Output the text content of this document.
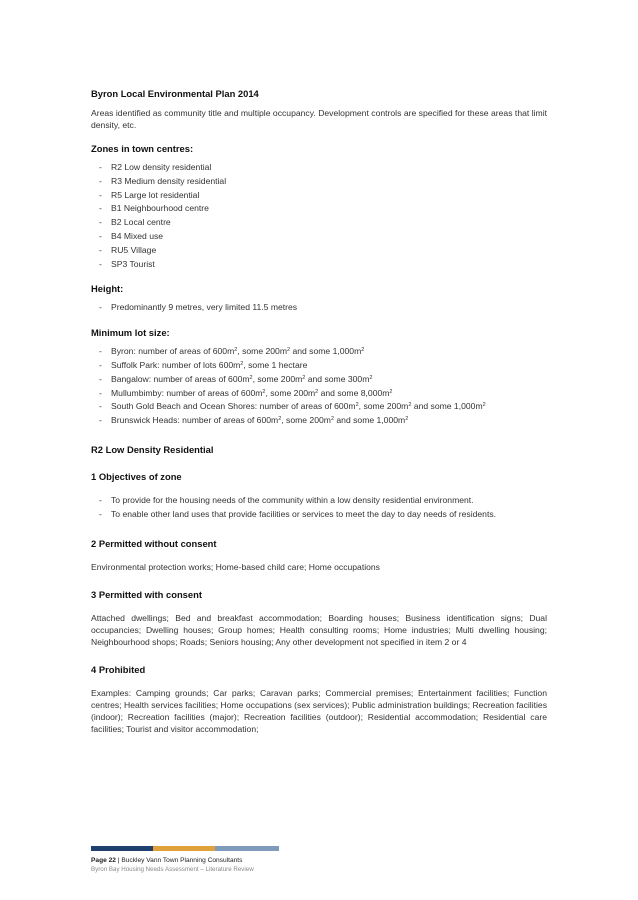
Byron Local Environmental Plan 2014

Areas identified as community title and multiple occupancy. Development controls are specified for these areas that limit density, etc.

Zones in town centres:

- R2 Low density residential
- R3 Medium density residential
- R5 Large lot residential
- B1 Neighbourhood centre
- B2 Local centre
- B4 Mixed use
- RU5 Village
- SP3 Tourist

Height:

- Predominantly 9 metres, very limited 11.5 metres

Minimum lot size:

- Byron: number of areas of $600m^2$, some $200m^2$ and some $1,000m^2$
- Suffolk Park: number of lots $600m^2$, some 1 hectare
- Bangalow: number of areas of $600m^2$, some $200m^2$ and some $300m^2$
- Mullumbimby: number of areas of $600m^2$, some $200m^2$ and some $8,000m^2$
- South Gold Beach and Ocean Shores: number of areas of $600m^2$, some $200m^2$ and some $1,000m^2$
- Brunswick Heads: number of areas of $600m^2$, some $200m^2$ and some $1,000m^2$

R2 Low Density Residential

1 Objectives of zone

- To provide for the housing needs of the community within a low density residential environment.
- To enable other land uses that provide facilities or services to meet the day to day needs of residents.

2 Permitted without consent

Environmental protection works; Home-based child care; Home occupations

3 Permitted with consent

Attached dwellings; Bed and breakfast accommodation; Boarding houses; Business identification signs; Dual occupancies; Dwelling houses; Group homes; Health consulting rooms; Home industries; Multi dwelling housing; Neighbourhood shops; Roads; Seniors housing; Any other development not specified in item 2 or 4

4 Prohibited

Examples: Camping grounds; Car parks; Caravan parks; Commercial premises; Entertainment facilities; Function centres; Health services facilities; Home occupations (sex services); Public administration buildings; Recreation facilities (indoor); Recreation facilities (major); Recreation facilities (outdoor); Residential accommodation; Residential care facilities; Tourist and visitor accommodation;

Page 22 | Buckley Vann Town Planning Consultants
Byron Bay Housing Needs Assessment – Literature Review
